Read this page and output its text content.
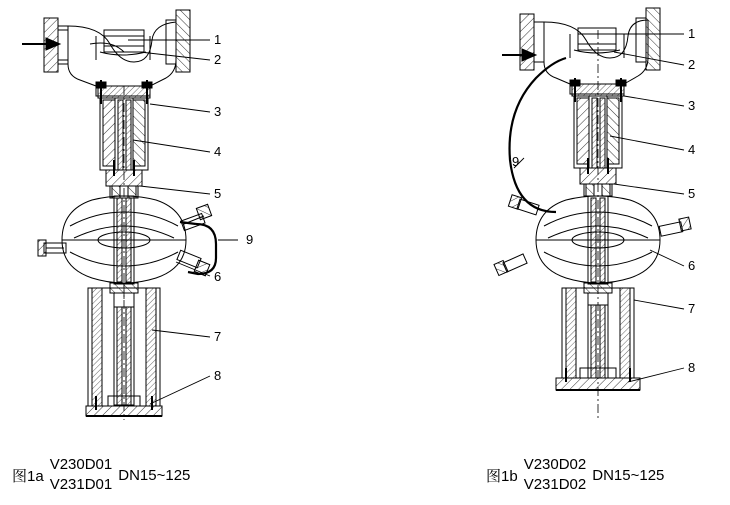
1
2
3
4
5
9
6
7
8
1
2
3
4
5
9
6
7
8
图1a
V230D01
V231D01
DN15~125	图1b
V230D02
V231D02
DN15~125
